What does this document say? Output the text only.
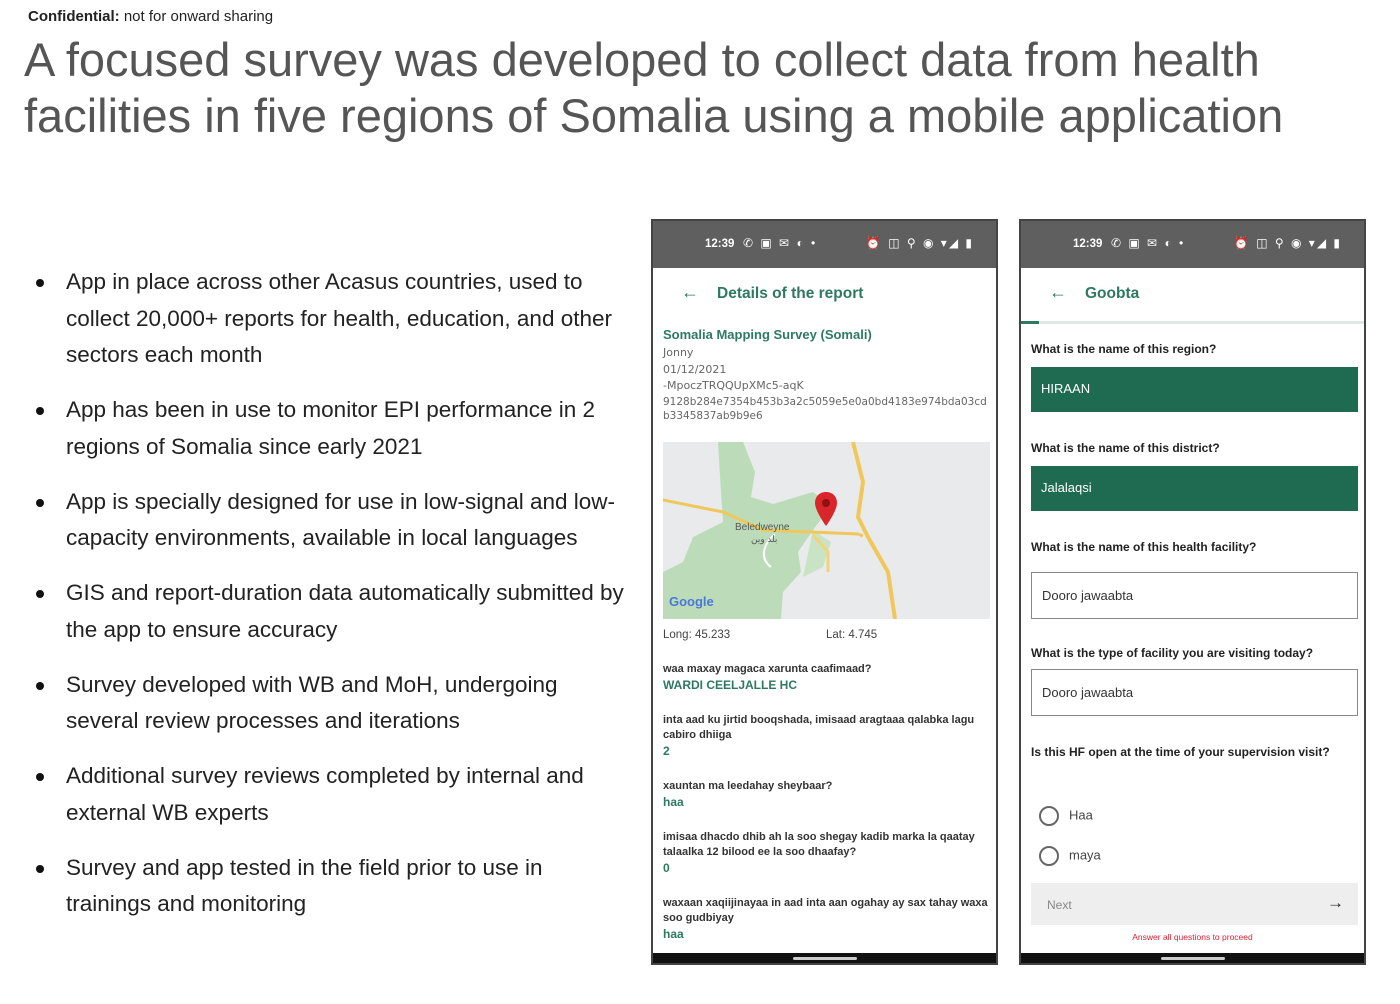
Confidential: not for onward sharing
A focused survey was developed to collect data from health facilities in five regions of Somalia using a mobile application
App in place across other Acasus countries, used to collect 20,000+ reports for health, education, and other sectors each month
App has been in use to monitor EPI performance in 2 regions of Somalia since early 2021
App is specially designed for use in low-signal and low-capacity environments, available in local languages
GIS and report-duration data automatically submitted by the app to ensure accuracy
Survey developed with WB and MoH, undergoing several review processes and iterations
Additional survey reviews completed by internal and external WB experts
Survey and app tested in the field prior to use in trainings and monitoring
12:39 ✆ ▣ ✉ ◐ •	⏰ ◫ ⚲ ◉ ▾◢ ▮
← Details of the report
Somalia Mapping Survey (Somali)
Jonny
01/12/2021
-MpoczTRQQUpXMc5-aqK
9128b284e7354b453b3a2c5059e5e0a0bd4183e974bda03cdb3345837ab9b9e6
Beledweyne
بلد وين
Google
Long: 45.233	Lat: 4.745
waa maxay magaca xarunta caafimaad?
WARDI CEELJALLE HC
inta aad ku jirtid booqshada, imisaad aragtaaa qalabka lagu cabiro dhiiga
2
xauntan ma leedahay sheybaar?
haa
imisaa dhacdo dhib ah la soo shegay kadib marka la qaatay talaalka 12 bilood ee la soo dhaafay?
0
waxaan xaqiijinayaa in aad inta aan ogahay ay sax tahay waxa soo gudbiyay
haa
12:39 ✆ ▣ ✉ ◐ •	⏰ ◫ ⚲ ◉ ▾◢ ▮
← Goobta
What is the name of this region?
HIRAAN
What is the name of this district?
Jalalaqsi
What is the name of this health facility?
Dooro jawaabta
What is the type of facility you are visiting today?
Dooro jawaabta
Is this HF open at the time of your supervision visit?
Haa
maya
Next	→
Answer all questions to proceed
